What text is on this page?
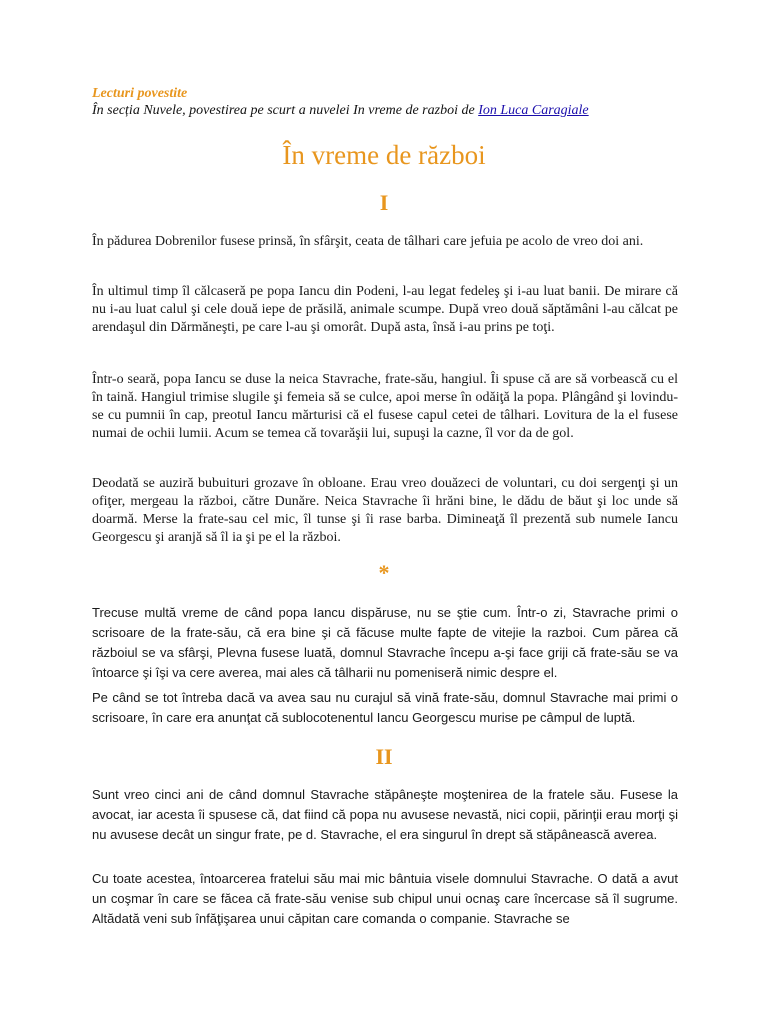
Lecturi povestite
În secția Nuvele, povestirea pe scurt a nuvelei In vreme de razboi de Ion Luca Caragiale
În vreme de război
I
În pădurea Dobrenilor fusese prinsă, în sfârşit, ceata de tâlhari care jefuia pe acolo de vreo doi ani.
În ultimul timp îl călcaseră pe popa Iancu din Podeni, l-au legat fedeleş şi i-au luat banii. De mirare că nu i-au luat calul şi cele două iepe de prăsilă, animale scumpe. După vreo două săptămâni l-au călcat pe arendaşul din Dărmăneşti, pe care l-au şi omorât. După asta, însă i-au prins pe toţi.
Într-o seară, popa Iancu se duse la neica Stavrache, frate-său, hangiul. Îi spuse că are să vorbească cu el în taină. Hangiul trimise slugile şi femeia să se culce, apoi merse în odăiţă la popa. Plângând şi lovindu-se cu pumnii în cap, preotul Iancu mărturisi că el fusese capul cetei de tâlhari. Lovitura de la el fusese numai de ochii lumii. Acum se temea că tovarăşii lui, supuşi la cazne, îl vor da de gol.
Deodată se auziră bubuituri grozave în obloane. Erau vreo douăzeci de voluntari, cu doi sergenţi şi un ofiţer, mergeau la război, către Dunăre. Neica Stavrache îi hrăni bine, le dădu de băut şi loc unde să doarmă. Merse la frate-sau cel mic, îl tunse şi îi rase barba. Dimineaţă îl prezentă sub numele Iancu Georgescu şi aranjă să îl ia şi pe el la război.
*
Trecuse multă vreme de când popa Iancu dispăruse, nu se ştie cum. Într-o zi, Stavrache primi o scrisoare de la frate-său, că era bine şi că făcuse multe fapte de vitejie la razboi. Cum părea că războiul se va sfârşi, Plevna fusese luată, domnul Stavrache începu a-şi face griji că frate-său se va întoarce şi îşi va cere averea, mai ales că tâlharii nu pomeniseră nimic despre el.
Pe când se tot întreba dacă va avea sau nu curajul să vină frate-său, domnul Stavrache mai primi o scrisoare, în care era anunţat că sublocotenentul Iancu Georgescu murise pe câmpul de luptă.
II
Sunt vreo cinci ani de când domnul Stavrache stăpâneşte moştenirea de la fratele său. Fusese la avocat, iar acesta îi spusese că, dat fiind că popa nu avusese nevastă, nici copii, părinţii erau morţi şi nu avusese decât un singur frate, pe d. Stavrache, el era singurul în drept să stăpânească averea.
Cu toate acestea, întoarcerea fratelui său mai mic bântuia visele domnului Stavrache. O dată a avut un coşmar în care se făcea că frate-său venise sub chipul unui ocnaş care încercase să îl sugrume. Altădată veni sub înfăţişarea unui căpitan care comanda o companie. Stavrache se
